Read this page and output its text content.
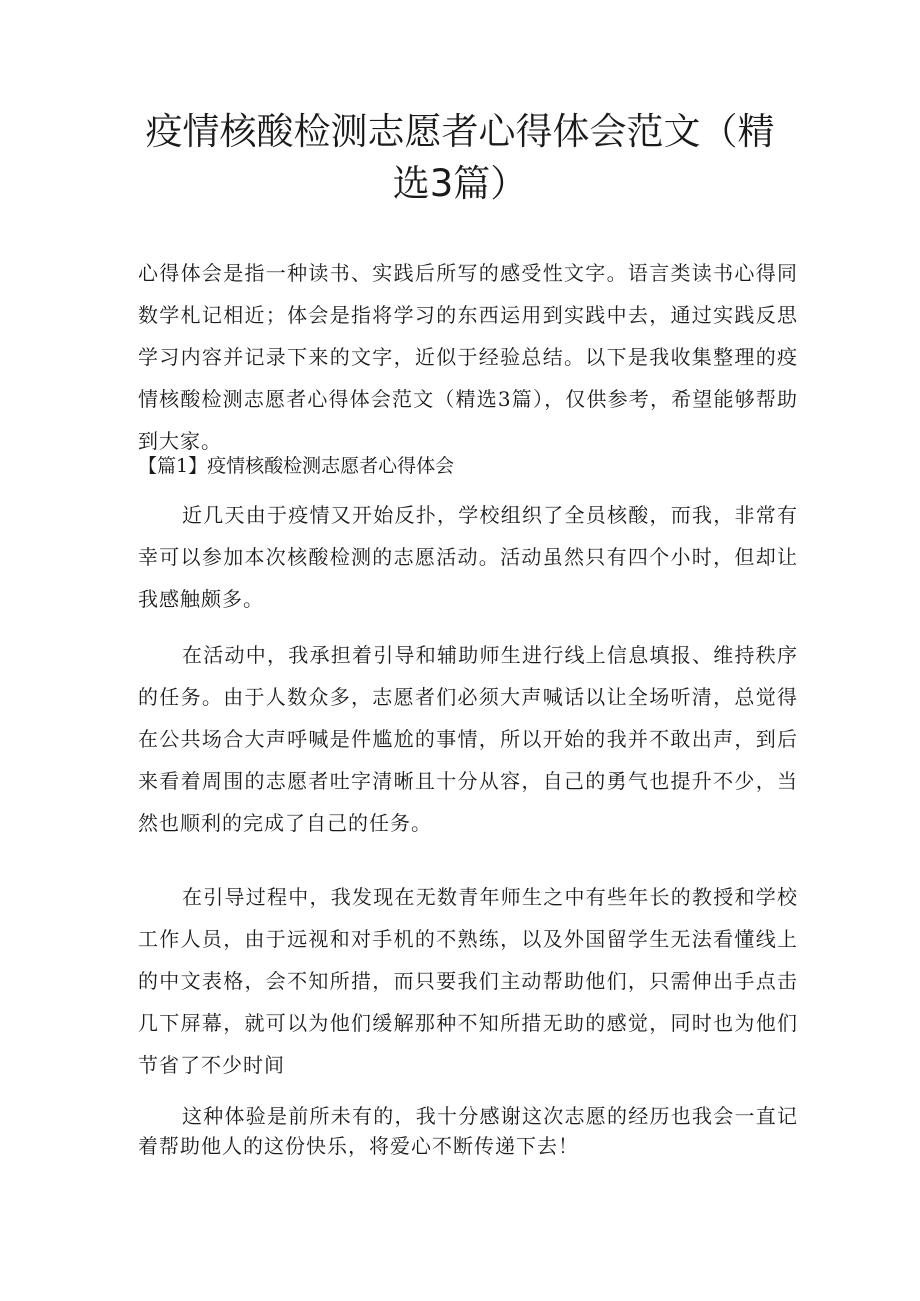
疫情核酸检测志愿者心得体会范文（精选3篇）

心得体会是指一种读书、实践后所写的感受性文字。语言类读书心得同数学札记相近；体会是指将学习的东西运用到实践中去，通过实践反思学习内容并记录下来的文字，近似于经验总结。以下是我收集整理的疫情核酸检测志愿者心得体会范文（精选3篇），仅供参考，希望能够帮助到大家。

【篇1】疫情核酸检测志愿者心得体会

近几天由于疫情又开始反扑，学校组织了全员核酸，而我，非常有幸可以参加本次核酸检测的志愿活动。活动虽然只有四个小时，但却让我感触颇多。

在活动中，我承担着引导和辅助师生进行线上信息填报、维持秩序的任务。由于人数众多，志愿者们必须大声喊话以让全场听清，总觉得在公共场合大声呼喊是件尴尬的事情，所以开始的我并不敢出声，到后来看着周围的志愿者吐字清晰且十分从容，自己的勇气也提升不少，当然也顺利的完成了自己的任务。

在引导过程中，我发现在无数青年师生之中有些年长的教授和学校工作人员，由于远视和对手机的不熟练，以及外国留学生无法看懂线上的中文表格，会不知所措，而只要我们主动帮助他们，只需伸出手点击几下屏幕，就可以为他们缓解那种不知所措无助的感觉，同时也为他们节省了不少时间

这种体验是前所未有的，我十分感谢这次志愿的经历也我会一直记着帮助他人的这份快乐，将爱心不断传递下去！
